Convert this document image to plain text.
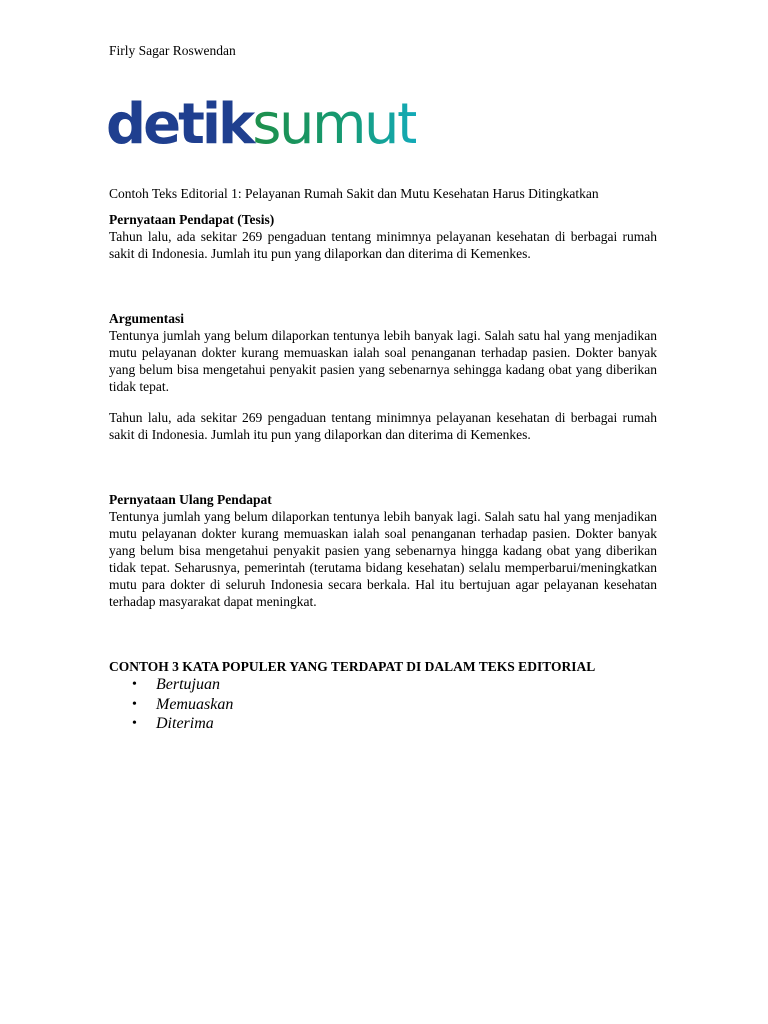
Firly Sagar Roswendan
detiksumut

Contoh Teks Editorial 1: Pelayanan Rumah Sakit dan Mutu Kesehatan Harus Ditingkatkan

Pernyataan Pendapat (Tesis)

Tahun lalu, ada sekitar 269 pengaduan tentang minimnya pelayanan kesehatan di berbagai rumah sakit di Indonesia. Jumlah itu pun yang dilaporkan dan diterima di Kemenkes.

Argumentasi

Tentunya jumlah yang belum dilaporkan tentunya lebih banyak lagi. Salah satu hal yang menjadikan mutu pelayanan dokter kurang memuaskan ialah soal penanganan terhadap pasien. Dokter banyak yang belum bisa mengetahui penyakit pasien yang sebenarnya sehingga kadang obat yang diberikan tidak tepat.

Tahun lalu, ada sekitar 269 pengaduan tentang minimnya pelayanan kesehatan di berbagai rumah sakit di Indonesia. Jumlah itu pun yang dilaporkan dan diterima di Kemenkes.

Pernyataan Ulang Pendapat

Tentunya jumlah yang belum dilaporkan tentunya lebih banyak lagi. Salah satu hal yang menjadikan mutu pelayanan dokter kurang memuaskan ialah soal penanganan terhadap pasien. Dokter banyak yang belum bisa mengetahui penyakit pasien yang sebenarnya hingga kadang obat yang diberikan tidak tepat. Seharusnya, pemerintah (terutama bidang kesehatan) selalu memperbarui/meningkatkan mutu para dokter di seluruh Indonesia secara berkala. Hal itu bertujuan agar pelayanan kesehatan terhadap masyarakat dapat meningkat.

CONTOH 3 KATA POPULER YANG TERDAPAT DI DALAM TEKS EDITORIAL

• Bertujuan
• Memuaskan
• Diterima
